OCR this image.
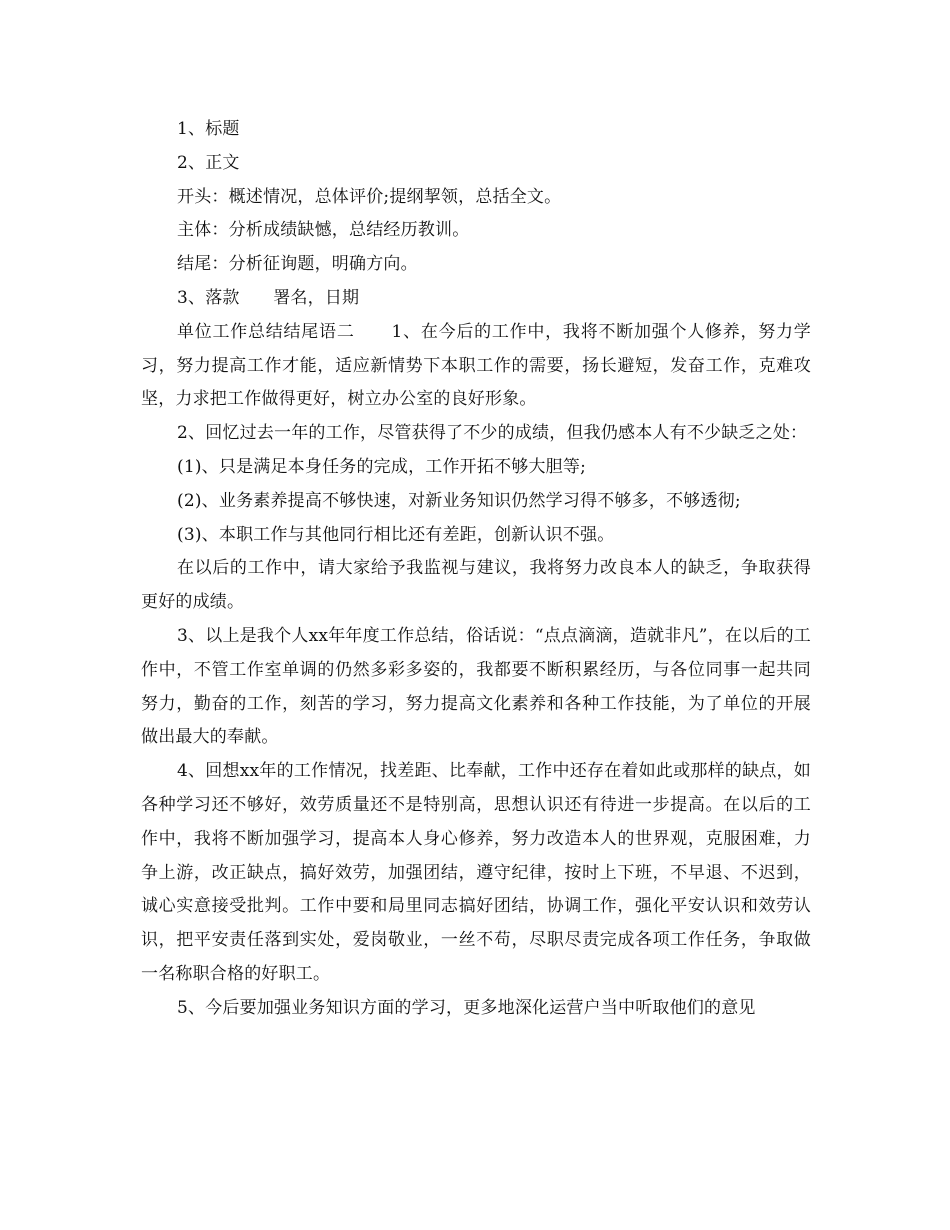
1、标题

2、正文

开头：概述情况，总体评价;提纲挈领，总括全文。

主体：分析成绩缺憾，总结经历教训。

结尾：分析征询题，明确方向。

3、落款      署名，日期

单位工作总结结尾语二      1、在今后的工作中，我将不断加强个人修养，努力学习，努力提高工作才能，适应新情势下本职工作的需要，扬长避短，发奋工作，克难攻坚，力求把工作做得更好，树立办公室的良好形象。

2、回忆过去一年的工作，尽管获得了不少的成绩，但我仍感本人有不少缺乏之处：

(1)、只是满足本身任务的完成，工作开拓不够大胆等;

(2)、业务素养提高不够快速，对新业务知识仍然学习得不够多，不够透彻;

(3)、本职工作与其他同行相比还有差距，创新认识不强。

在以后的工作中，请大家给予我监视与建议，我将努力改良本人的缺乏，争取获得更好的成绩。

3、以上是我个人xx年年度工作总结，俗话说：“点点滴滴，造就非凡”，在以后的工作中，不管工作室单调的仍然多彩多姿的，我都要不断积累经历，与各位同事一起共同努力，勤奋的工作，刻苦的学习，努力提高文化素养和各种工作技能，为了单位的开展做出最大的奉献。

4、回想xx年的工作情况，找差距、比奉献，工作中还存在着如此或那样的缺点，如各种学习还不够好，效劳质量还不是特别高，思想认识还有待进一步提高。在以后的工作中，我将不断加强学习，提高本人身心修养，努力改造本人的世界观，克服困难，力争上游，改正缺点，搞好效劳，加强团结，遵守纪律，按时上下班，不早退、不迟到，诚心实意接受批判。工作中要和局里同志搞好团结，协调工作，强化平安认识和效劳认识，把平安责任落到实处，爱岗敬业，一丝不苟，尽职尽责完成各项工作任务，争取做一名称职合格的好职工。

5、今后要加强业务知识方面的学习，更多地深化运营户当中听取他们的意见
